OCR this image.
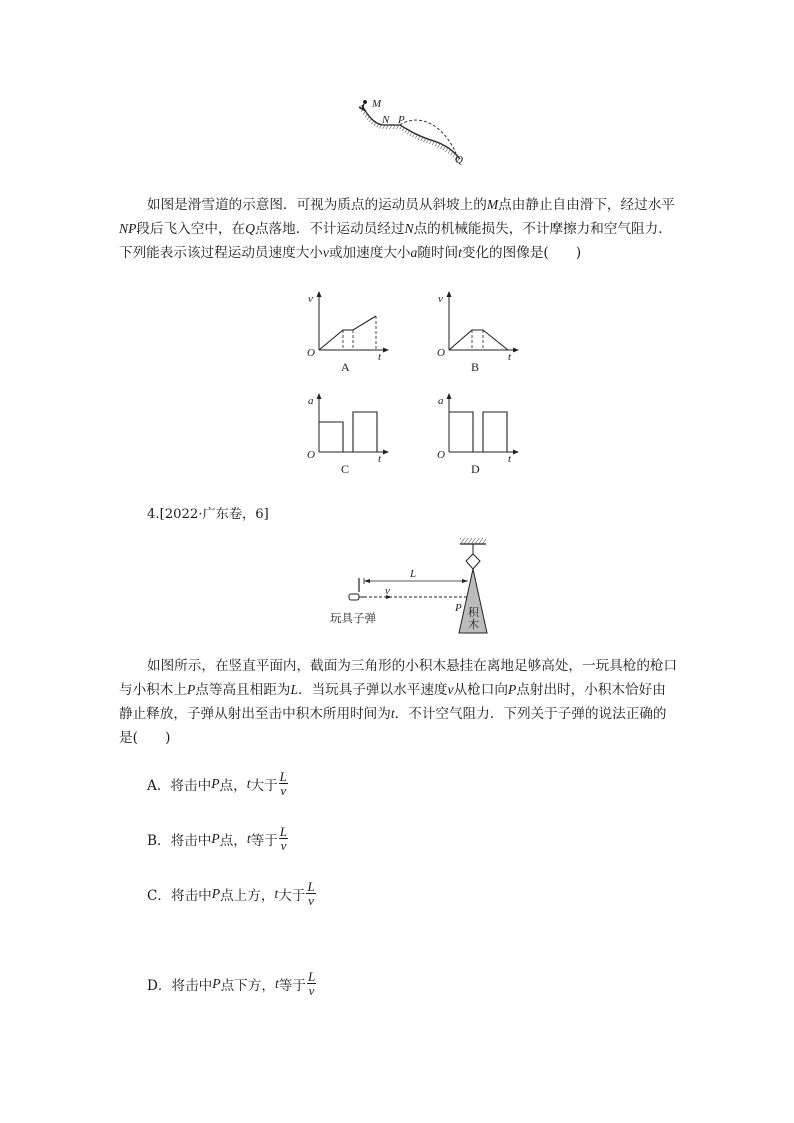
M
N P
Q
如图是滑雪道的示意图．可视为质点的运动员从斜坡上的M点由静止自由滑下，经过水平NP段后飞入空中，在Q点落地．不计运动员经过N点的机械能损失，不计摩擦力和空气阻力．下列能表示该过程运动员速度大小v或加速度大小a随时间t变化的图像是(　　)
v
O	t
A
v
O	t
B
a
O	t
C
a
O	t
D
4.[2022·广东卷，6]
L
v
P 积
木
玩具子弹
如图所示，在竖直平面内，截面为三角形的小积木悬挂在离地足够高处，一玩具枪的枪口与小积木上P点等高且相距为L．当玩具子弹以水平速度v从枪口向P点射出时，小积木恰好由静止释放，子弹从射出至击中积木所用时间为t．不计空气阻力．下列关于子弹的说法正确的是(　　)
A． 将击中 P 点， t 大于 $\frac{L}{v}$
B． 将击中 P 点， t 等于 $\frac{L}{v}$
C． 将击中 P 点上方， t 大于 $\frac{L}{v}$
D． 将击中 P 点下方， t 等于 $\frac{L}{v}$
